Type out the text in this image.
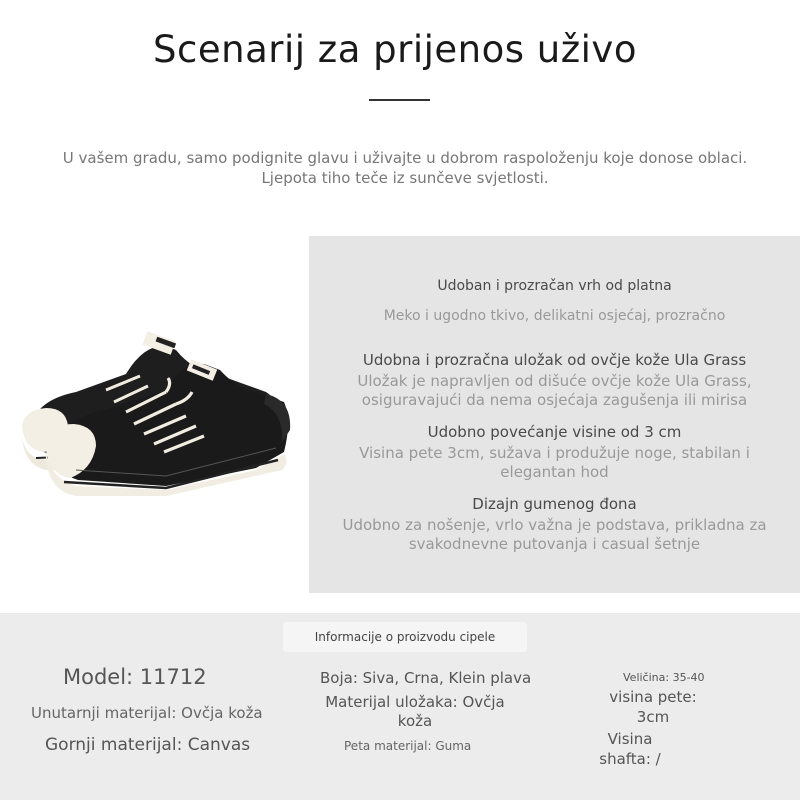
Scenarij za prijenos uživo
U vašem gradu, samo podignite glavu i uživajte u dobrom raspoloženju koje donose oblaci.
Ljepota tiho teče iz sunčeve svjetlosti.
Udoban i prozračan vrh od platna
Meko i ugodno tkivo, delikatni osjećaj, prozračno
Udobna i prozračna uložak od ovčje kože Ula Grass
Uložak je napravljen od dišuće ovčje kože Ula Grass,
osiguravajući da nema osjećaja zagušenja ili mirisa
Udobno povećanje visine od 3 cm
Visina pete 3cm, sužava i produžuje noge, stabilan i
elegantan hod
Dizajn gumenog đona
Udobno za nošenje, vrlo važna je podstava, prikladna za
svakodnevne putovanja i casual šetnje
Informacije o proizvodu cipele
Model: 11712
Unutarnji materijal: Ovčja koža
Gornji materijal: Canvas
Boja: Siva, Crna, Klein plava
Materijal uložaka: Ovčja
koža
Peta materijal: Guma
Veličina: 35-40
visina pete:
3cm
Visina
shafta: /
